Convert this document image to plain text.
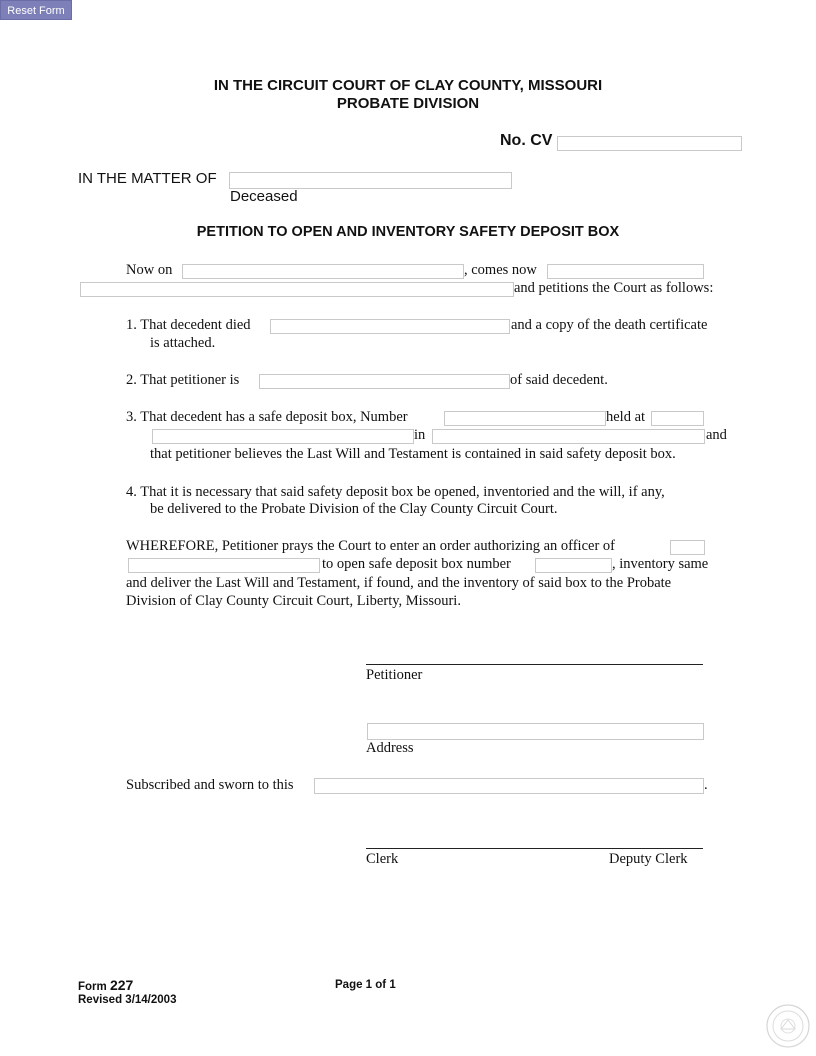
Reset Form
IN THE CIRCUIT COURT OF CLAY COUNTY, MISSOURI
PROBATE DIVISION
No. CV
IN THE MATTER OF
Deceased
PETITION TO OPEN AND INVENTORY SAFETY DEPOSIT BOX
Now on	, comes now
and petitions the Court as follows:
1. That decedent died	and a copy of the death certificate
is attached.
2. That petitioner is	of said decedent.
3. That decedent has a safe deposit box, Number	held at
in	and
that petitioner believes the Last Will and Testament is contained in said safety deposit box.
4. That it is necessary that said safety deposit box be opened, inventoried and the will, if any,
be delivered to the Probate Division of the Clay County Circuit Court.
WHEREFORE, Petitioner prays the Court to enter an order authorizing an officer of
to open safe deposit box number	, inventory same
and deliver the Last Will and Testament, if found, and the inventory of said box to the Probate
Division of Clay County Circuit Court, Liberty, Missouri.
Petitioner
Address
Subscribed and sworn to this	.
Clerk	Deputy Clerk
Form 227
Revised 3/14/2003
Page 1 of 1
